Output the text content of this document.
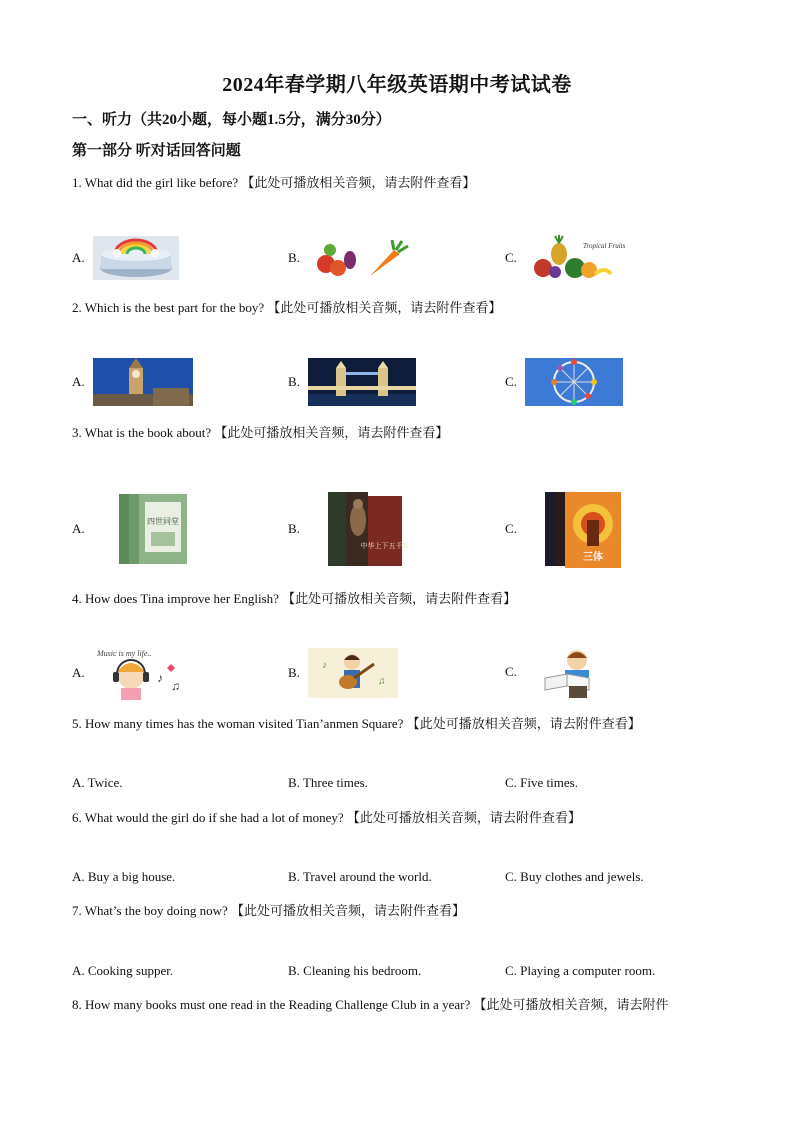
2024年春学期八年级英语期中考试试卷
一、听力（共20小题，每小题1.5分，满分30分）
第一部分 听对话回答问题
1. What did the girl like before? 【此处可播放相关音频，请去附件查看】
A.	B.	C.
Tropical Fruits
2. Which is the best part for the boy? 【此处可播放相关音频，请去附件查看】
A.	B.	C.
3. What is the book about? 【此处可播放相关音频，请去附件查看】
A.	四世同堂	B.
中华上下五千年
C.
三体
4. How does Tina improve her English? 【此处可播放相关音频，请去附件查看】
A.
Music is my life..
♪
♫
B. ♪
♫
C.
5. How many times has the woman visited Tian’anmen Square? 【此处可播放相关音频，请去附件查看】
A. Twice.	B. Three times.	C. Five times.
6. What would the girl do if she had a lot of money? 【此处可播放相关音频，请去附件查看】
A. Buy a big house.	B. Travel around the world.	C. Buy clothes and jewels.
7. What’s the boy doing now? 【此处可播放相关音频，请去附件查看】
A. Cooking supper.	B. Cleaning his bedroom.	C. Playing a computer room.
8. How many books must one read in the Reading Challenge Club in a year? 【此处可播放相关音频，请去附件
